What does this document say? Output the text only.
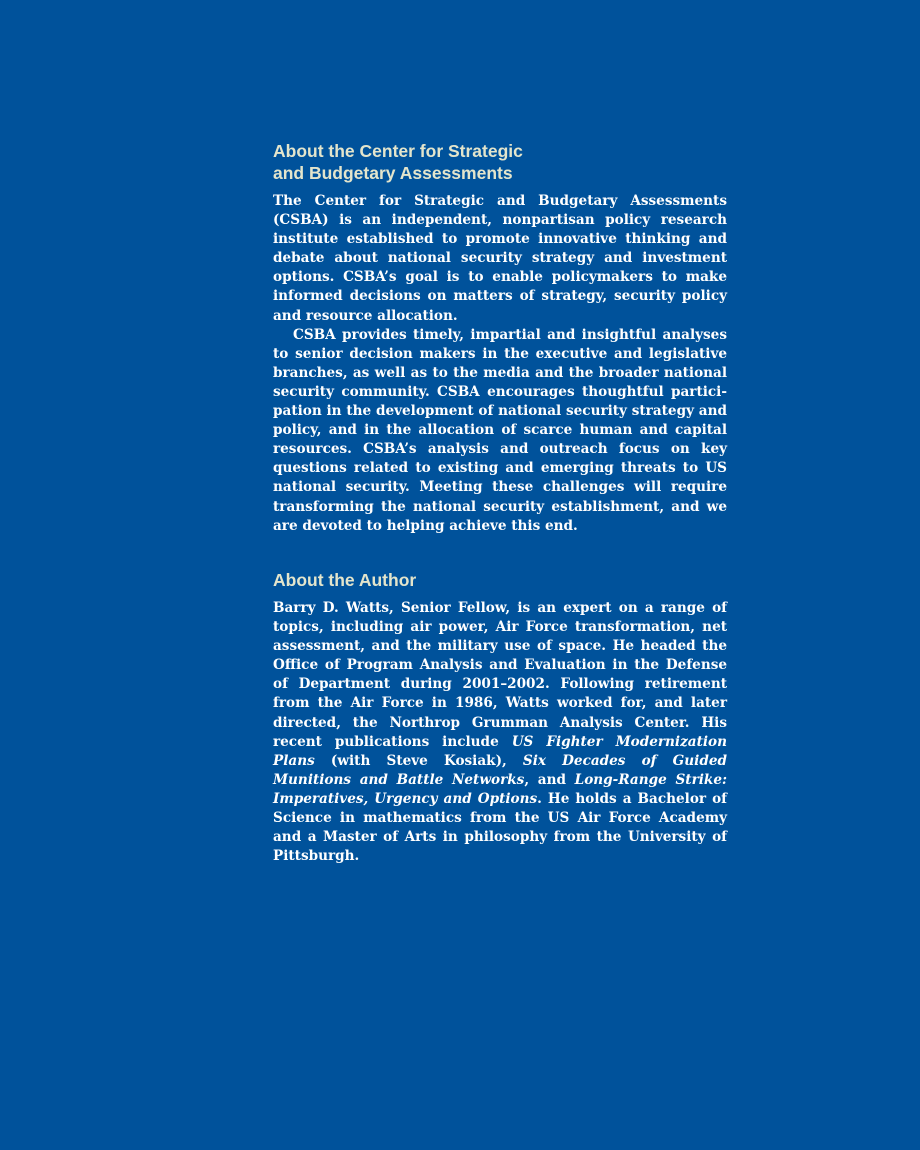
About the Center for Strategic
and Budgetary Assessments

The Center for Strategic and Budgetary Assessments (CSBA) is an independent, nonpartisan policy research institute established to promote innovative thinking and debate about national security strategy and investment options. CSBA’s goal is to enable policymakers to make informed decisions on matters of strategy, security policy and resource allocation.

CSBA provides timely, impartial and insightful analyses to senior decision makers in the executive and legislative branches, as well as to the media and the broader national security community. CSBA encourages thoughtful participation in the development of national security strategy and policy, and in the allocation of scarce human and capital resources. CSBA’s analysis and outreach focus on key questions related to existing and emerging threats to US national security. Meeting these challenges will require transforming the national security establishment, and we are devoted to helping achieve this end.

About the Author

Barry D. Watts, Senior Fellow, is an expert on a range of topics, including air power, Air Force transformation, net assessment, and the military use of space. He headed the Office of Program Analysis and Evaluation in the Defense of Department during 2001–2002. Following retirement from the Air Force in 1986, Watts worked for, and later directed, the Northrop Grumman Analysis Center. His recent publications include US Fighter Modernization Plans (with Steve Kosiak), Six Decades of Guided Munitions and Battle Networks, and Long-Range Strike: Imperatives, Urgency and Options. He holds a Bachelor of Science in mathematics from the US Air Force Academy and a Master of Arts in philosophy from the University of Pittsburgh.
